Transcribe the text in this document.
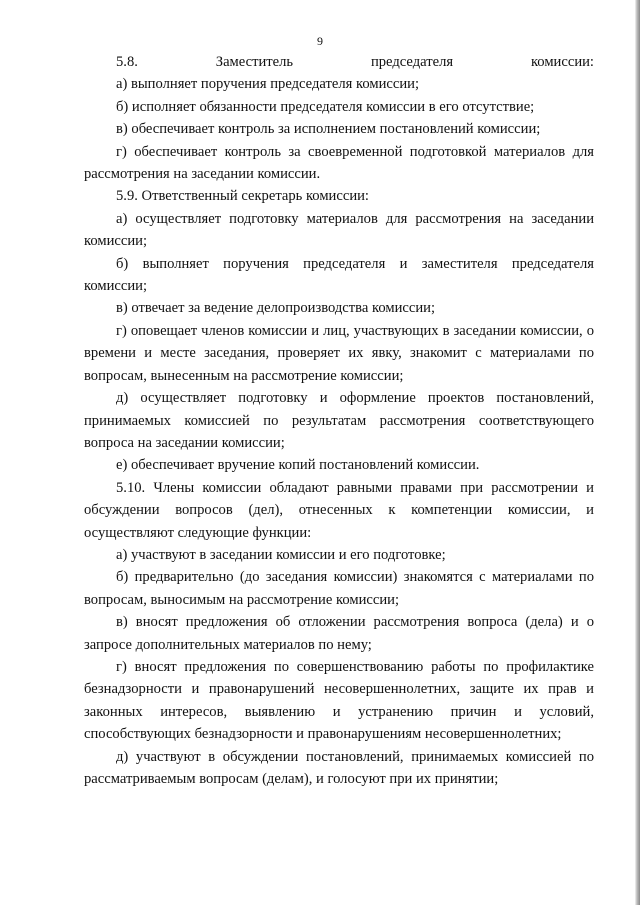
9

5.8. Заместитель председателя комиссии:

а) выполняет поручения председателя комиссии;

б) исполняет обязанности председателя комиссии в его отсутствие;

в) обеспечивает контроль за исполнением постановлений комиссии;

г) обеспечивает контроль за своевременной подготовкой материалов для рассмотрения на заседании комиссии.

5.9. Ответственный секретарь комиссии:

а) осуществляет подготовку материалов для рассмотрения на заседании комиссии;

б) выполняет поручения председателя и заместителя председателя комиссии;

в) отвечает за ведение делопроизводства комиссии;

г) оповещает членов комиссии и лиц, участвующих в заседании комиссии, о времени и месте заседания, проверяет их явку, знакомит с материалами по вопросам, вынесенным на рассмотрение комиссии;

д) осуществляет подготовку и оформление проектов постановлений, принимаемых комиссией по результатам рассмотрения соответствующего вопроса на заседании комиссии;

е) обеспечивает вручение копий постановлений комиссии.

5.10. Члены комиссии обладают равными правами при рассмотрении и обсуждении вопросов (дел), отнесенных к компетенции комиссии, и осуществляют следующие функции:

а) участвуют в заседании комиссии и его подготовке;

б) предварительно (до заседания комиссии) знакомятся с материалами по вопросам, выносимым на рассмотрение комиссии;

в) вносят предложения об отложении рассмотрения вопроса (дела) и о запросе дополнительных материалов по нему;

г) вносят предложения по совершенствованию работы по профилактике безнадзорности и правонарушений несовершеннолетних, защите их прав и законных интересов, выявлению и устранению причин и условий, способствующих безнадзорности и правонарушениям несовершеннолетних;

д) участвуют в обсуждении постановлений, принимаемых комиссией по рассматриваемым вопросам (делам), и голосуют при их принятии;
